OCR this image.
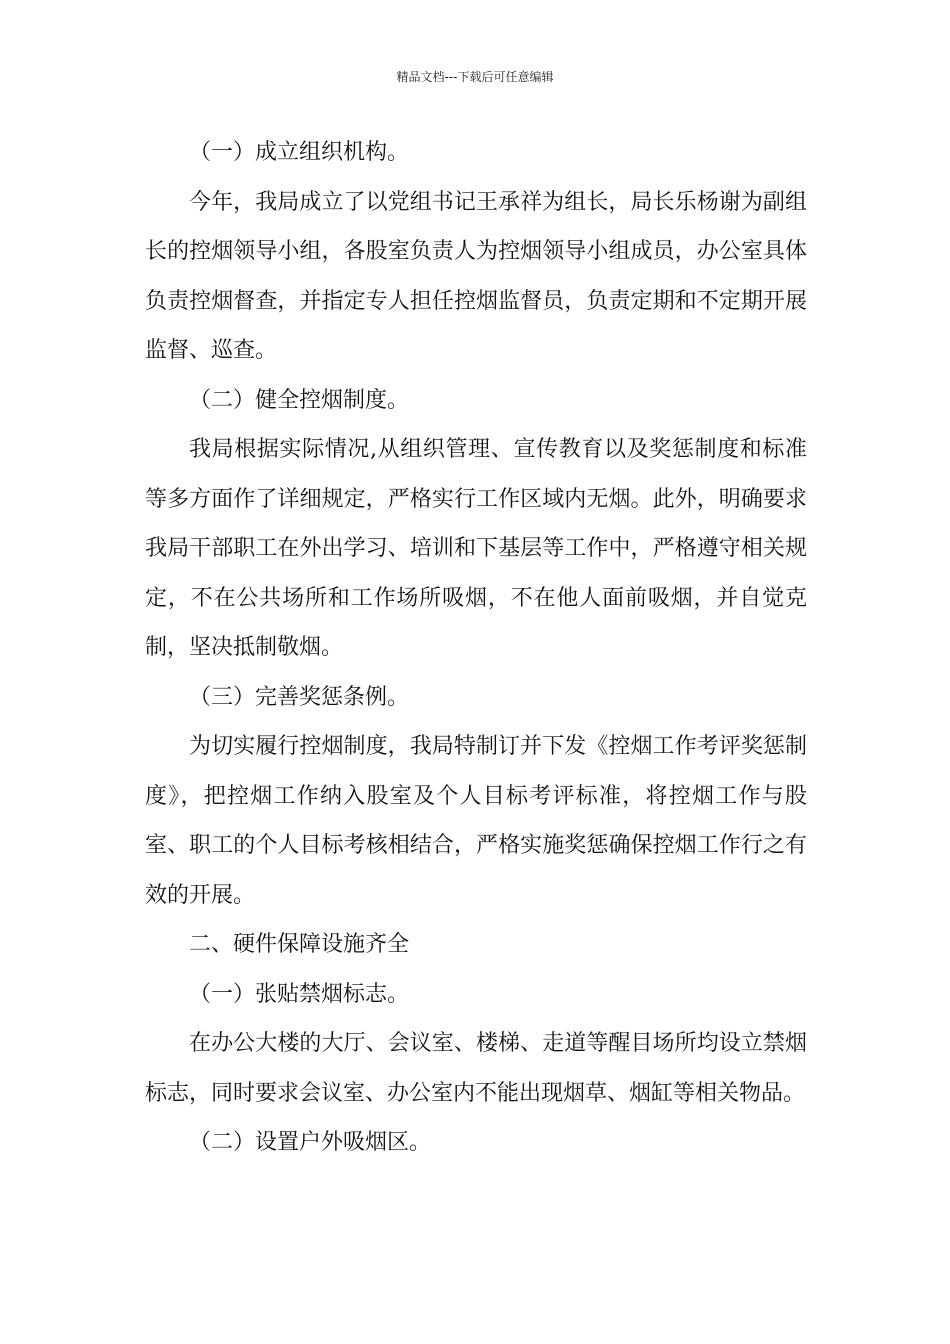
精品文档---下载后可任意编辑

（一）成立组织机构。

今年，我局成立了以党组书记王承祥为组长，局长乐杨谢为副组长的控烟领导小组，各股室负责人为控烟领导小组成员，办公室具体负责控烟督查，并指定专人担任控烟监督员，负责定期和不定期开展监督、巡查。

（二）健全控烟制度。

我局根据实际情况,从组织管理、宣传教育以及奖惩制度和标准等多方面作了详细规定，严格实行工作区域内无烟。此外，明确要求我局干部职工在外出学习、培训和下基层等工作中，严格遵守相关规定，不在公共场所和工作场所吸烟，不在他人面前吸烟，并自觉克制，坚决抵制敬烟。

（三）完善奖惩条例。

为切实履行控烟制度，我局特制订并下发《控烟工作考评奖惩制度》，把控烟工作纳入股室及个人目标考评标准，将控烟工作与股室、职工的个人目标考核相结合，严格实施奖惩确保控烟工作行之有效的开展。

二、硬件保障设施齐全

（一）张贴禁烟标志。

在办公大楼的大厅、会议室、楼梯、走道等醒目场所均设立禁烟标志，同时要求会议室、办公室内不能出现烟草、烟缸等相关物品。

（二）设置户外吸烟区。
